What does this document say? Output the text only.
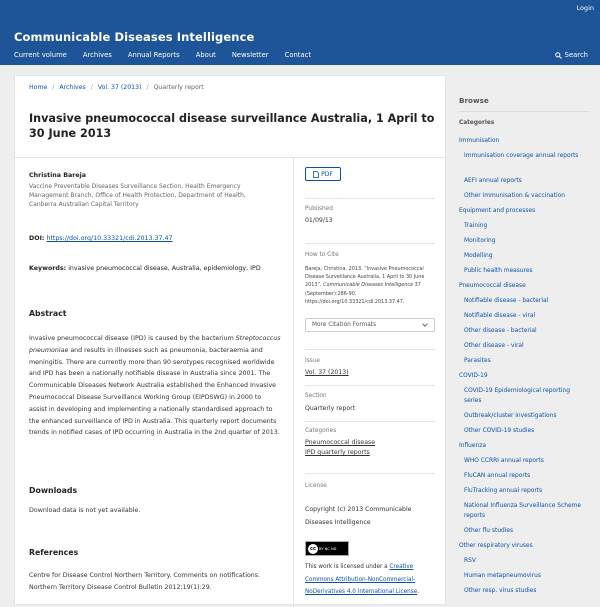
Login
Communicable Diseases Intelligence
Current volume Archives Annual Reports About Newsletter Contact	Search
Home / Archives / Vol. 37 (2013) / Quarterly report
Invasive pneumococcal disease surveillance Australia, 1 April to 30 June 2013
Christina Bareja
Vaccine Preventable Diseases Surveillance Section, Health Emergency Management Branch, Office of Health Protection, Department of Health, Canberra Australian Capital Territory
DOI: https://doi.org/10.33321/cdi.2013.37.47
Keywords: invasive pneumococcal disease, Australia, epidemiology, IPD
Abstract
Invasive pneumococcal disease (IPD) is caused by the bacterium Streptococcus pneumoniae and results in illnesses such as pneumonia, bacteraemia and meningitis. There are currently more than 90 serotypes recognised worldwide and IPD has been a nationally notifiable disease in Australia since 2001. The Communicable Diseases Network Australia established the Enhanced Invasive Pneumococcal Disease Surveillance Working Group (EIPDSWG) in 2000 to assist in developing and implementing a nationally standardised approach to the enhanced surveillance of IPD in Australia. This quarterly report documents trends in notified cases of IPD occurring in Australia in the 2nd quarter of 2013.
Downloads
Download data is not yet available.
References
Centre for Disease Control Northern Territory. Comments on notifications.
Northern Territory Disease Control Bulletin 2012;19(1):29.
PDF
Published
01/09/13
How to Cite
Bareja, Christina. 2013. “Invasive Pneumococcal Disease Surveillance Australia, 1 April to 30 June 2013”. Communicable Diseases Intelligence 37 (September):286-90. https://doi.org/10.33321/cdi.2013.37.47.
More Citation Formats
Issue
Vol. 37 (2013)
Section
Quarterly report
Categories
Pneumococcal disease
IPD quarterly reports
License
Copyright (c) 2013 Communicable Diseases Intelligence
cc BY NC ND
This work is licensed under a Creative Commons Attribution-NonCommercial-NoDerivatives 4.0 International License.
Browse
Categories
Immunisation
Immunisation coverage annual reports
AEFI annual reports
Other immunisation & vaccination
Equipment and processes
Training
Monitoring
Modelling
Public health measures
Pneumococcal disease
Notifiable disease - bacterial
Notifiable disease - viral
Other disease - bacterial
Other disease - viral
Parasites
COVID-19
COVID-19 Epidemiological reporting series
Outbreak/cluster investigations
Other COVID-19 studies
Influenza
WHO CCRRI annual reports
FluCAN annual reports
FluTracking annual reports
National Influenza Surveillance Scheme reports
Other flu studies
Other respiratory viruses
RSV
Human metapneumovirus
Other resp. virus studies
